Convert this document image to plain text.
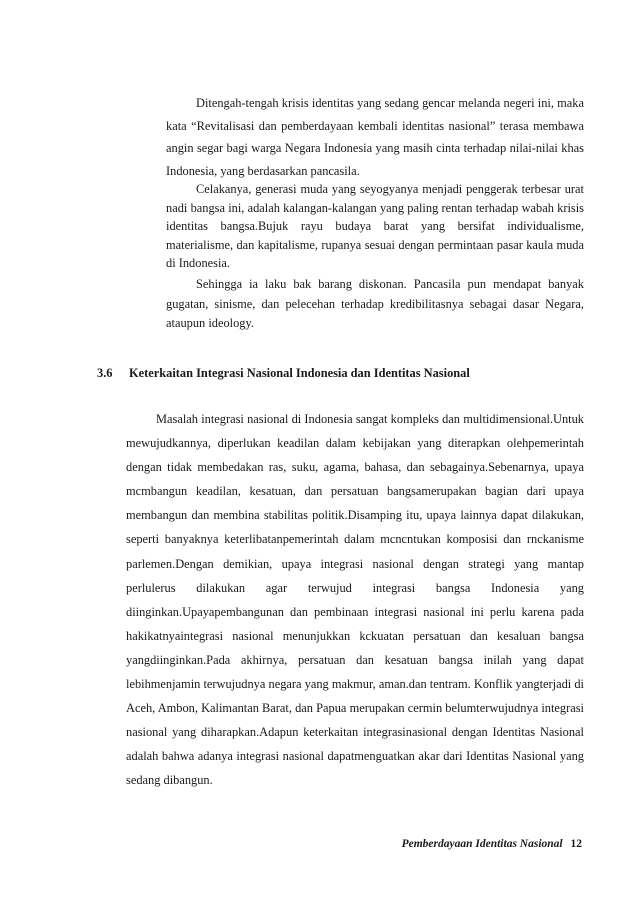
Ditengah-tengah krisis identitas yang sedang gencar melanda negeri ini, maka kata “Revitalisasi dan pemberdayaan kembali identitas nasional” terasa membawa angin segar bagi warga Negara Indonesia yang masih cinta terhadap nilai-nilai khas Indonesia, yang berdasarkan pancasila.

Celakanya, generasi muda yang seyogyanya menjadi penggerak terbesar urat nadi bangsa ini, adalah kalangan-kalangan yang paling rentan terhadap wabah krisis identitas bangsa.Bujuk rayu budaya barat yang bersifat individualisme, materialisme, dan kapitalisme, rupanya sesuai dengan permintaan pasar kaula muda di Indonesia.

Sehingga ia laku bak barang diskonan. Pancasila pun mendapat banyak gugatan, sinisme, dan pelecehan terhadap kredibilitasnya sebagai dasar Negara, ataupun ideology.

3.6	Keterkaitan Integrasi Nasional Indonesia dan Identitas Nasional

Masalah integrasi nasional di Indonesia sangat kompleks dan multidimensional.Untuk mewujudkannya, diperlukan keadilan dalam kebijakan yang diterapkan olehpemerintah dengan tidak membedakan ras, suku, agama, bahasa, dan sebagainya.Sebenarnya, upaya mcmbangun keadilan, kesatuan, dan persatuan bangsamerupakan bagian dari upaya membangun dan membina stabilitas politik.Disamping itu, upaya lainnya dapat dilakukan, seperti banyaknya keterlibatanpemerintah dalam mcncntukan komposisi dan rnckanisme parlemen.Dengan demikian, upaya integrasi nasional dengan strategi yang mantap perlulerus dilakukan agar terwujud integrasi bangsa Indonesia yang diinginkan.Upayapembangunan dan pembinaan integrasi nasional ini perlu karena pada hakikatnyaintegrasi nasional menunjukkan kckuatan persatuan dan kesaluan bangsa yangdiinginkan.Pada akhirnya, persatuan dan kesatuan bangsa inilah yang dapat lebihmenjamin terwujudnya negara yang makmur, aman.dan tentram. Konflik yangterjadi di Aceh, Ambon, Kalimantan Barat, dan Papua merupakan cermin belumterwujudnya integrasi nasional yang diharapkan.Adapun keterkaitan integrasinasional dengan Identitas Nasional adalah bahwa adanya integrasi nasional dapatmenguatkan akar dari Identitas Nasional yang sedang dibangun.

Pemberdayaan Identitas Nasional 12
